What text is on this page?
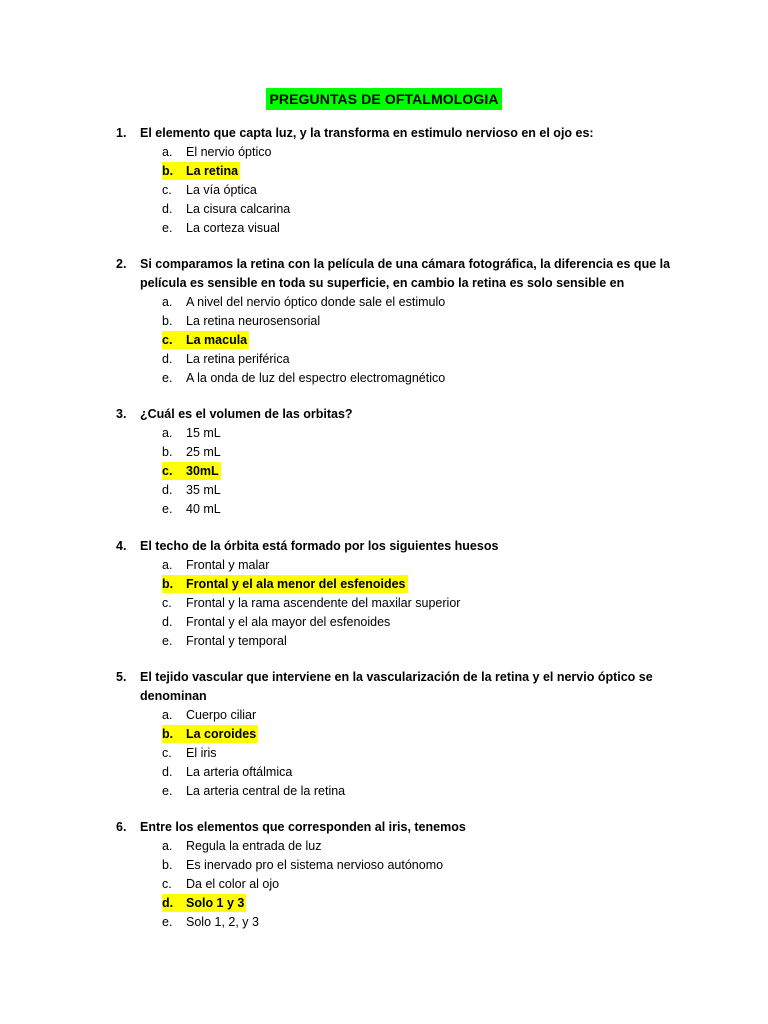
PREGUNTAS DE OFTALMOLOGIA
1. El elemento que capta luz, y la transforma en estimulo nervioso en el ojo es:
a. El nervio óptico
b. La retina
c. La vía óptica
d. La cisura calcarina
e. La corteza visual
2. Si comparamos la retina con la película de una cámara fotográfica, la diferencia es que la película es sensible en toda su superficie, en cambio la retina es solo sensible en
a. A nivel del nervio óptico donde sale el estimulo
b. La retina neurosensorial
c. La macula
d. La retina periférica
e. A la onda de luz del espectro electromagnético
3. ¿Cuál es el volumen de las orbitas?
a. 15 mL
b. 25 mL
c. 30mL
d. 35 mL
e. 40 mL
4. El techo de la órbita está formado por los siguientes huesos
a. Frontal y malar
b. Frontal y el ala menor del esfenoides
c. Frontal y la rama ascendente del maxilar superior
d. Frontal y el ala mayor del esfenoides
e. Frontal y temporal
5. El tejido vascular que interviene en la vascularización de la retina y el nervio óptico se denominan
a. Cuerpo ciliar
b. La coroides
c. El iris
d. La arteria oftálmica
e. La arteria central de la retina
6. Entre los elementos que corresponden al iris, tenemos
a. Regula la entrada de luz
b. Es inervado pro el sistema nervioso autónomo
c. Da el color al ojo
d. Solo 1 y 3
e. Solo 1, 2, y 3
